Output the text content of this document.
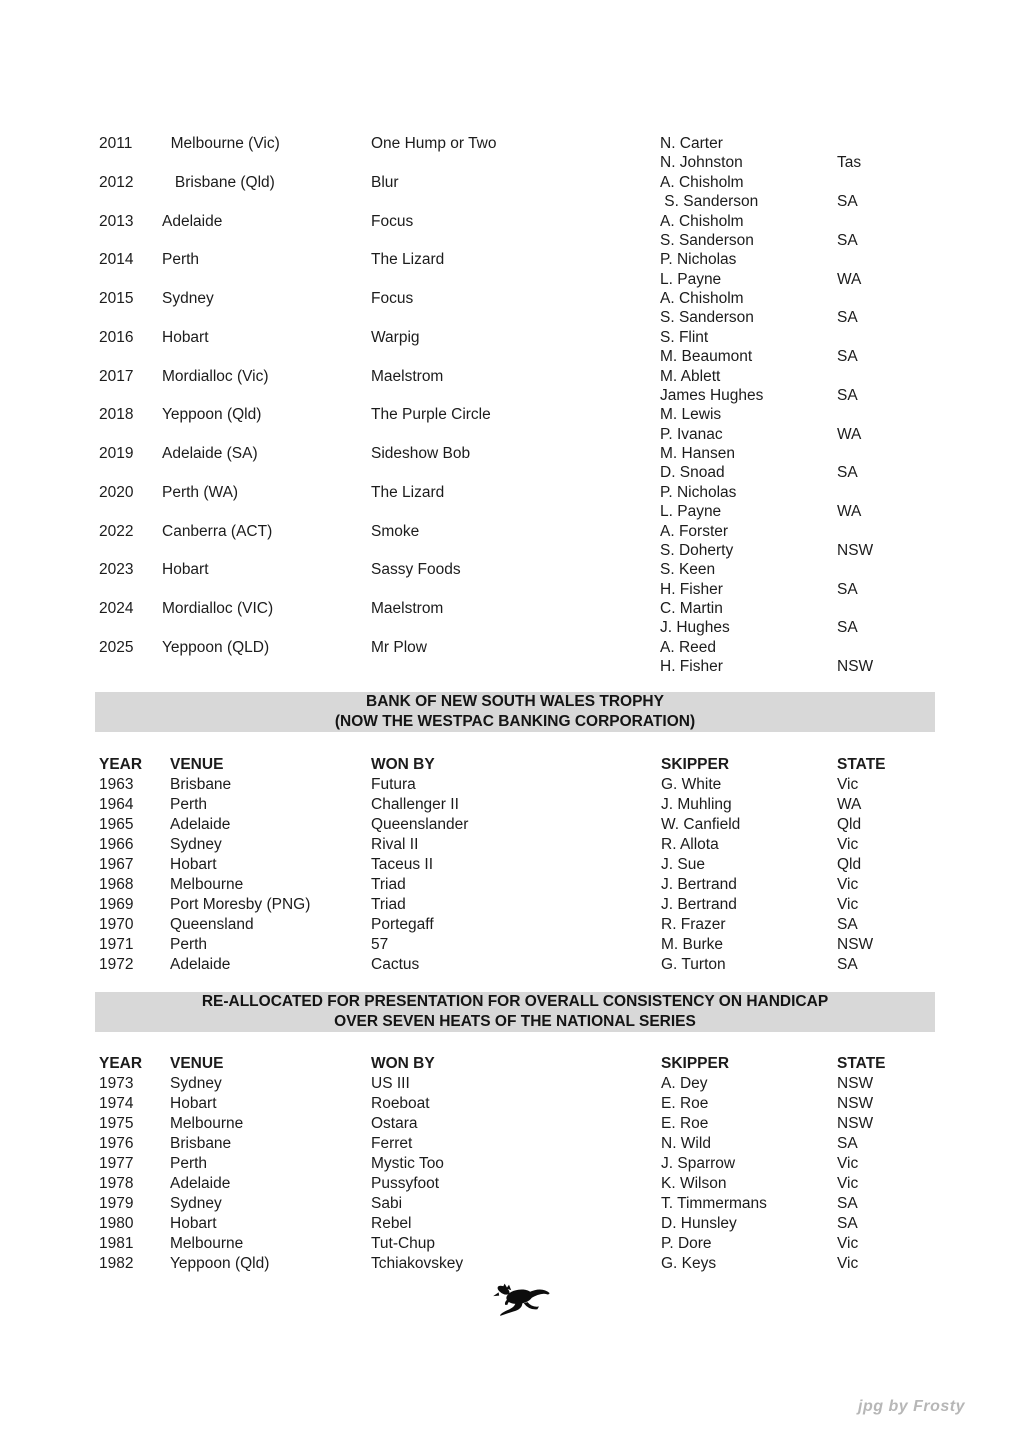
2011 Melbourne (Vic)	One Hump or Two	N. Carter
N. Johnston	Tas
2012 Brisbane (Qld)	Blur	A. Chisholm
S. Sanderson	SA
2013 Adelaide	Focus	A. Chisholm
S. Sanderson	SA
2014 Perth	The Lizard	P. Nicholas
L. Payne	WA
2015 Sydney	Focus	A. Chisholm
S. Sanderson	SA
2016 Hobart	Warpig	S. Flint
M. Beaumont	SA
2017 Mordialloc (Vic)	Maelstrom	M. Ablett
James Hughes	SA
2018 Yeppoon (Qld)	The Purple Circle	M. Lewis
P. Ivanac	WA
2019 Adelaide (SA)	Sideshow Bob	M. Hansen
D. Snoad	SA
2020 Perth (WA)	The Lizard	P. Nicholas
L. Payne	WA
2022 Canberra (ACT)	Smoke	A. Forster
S. Doherty	NSW
2023 Hobart	Sassy Foods	S. Keen
H. Fisher	SA
2024 Mordialloc (VIC)	Maelstrom	C. Martin
J. Hughes	SA
2025 Yeppoon (QLD)	Mr Plow	A. Reed
H. Fisher	NSW
BANK OF NEW SOUTH WALES TROPHY
(NOW THE WESTPAC BANKING CORPORATION)
YEAR VENUE	WON BY	SKIPPER	STATE
1963 Brisbane	Futura	G. White	Vic
1964 Perth	Challenger II	J. Muhling	WA
1965 Adelaide	Queenslander	W. Canfield	Qld
1966 Sydney	Rival II	R. Allota	Vic
1967 Hobart	Taceus II	J. Sue	Qld
1968 Melbourne	Triad	J. Bertrand	Vic
1969 Port Moresby (PNG)	Triad	J. Bertrand	Vic
1970 Queensland	Portegaff	R. Frazer	SA
1971 Perth	57	M. Burke	NSW
1972 Adelaide	Cactus	G. Turton	SA
RE-ALLOCATED FOR PRESENTATION FOR OVERALL CONSISTENCY ON HANDICAP
OVER SEVEN HEATS OF THE NATIONAL SERIES
YEAR VENUE	WON BY	SKIPPER	STATE
1973 Sydney	US III	A. Dey	NSW
1974 Hobart	Roeboat	E. Roe	NSW
1975 Melbourne	Ostara	E. Roe	NSW
1976 Brisbane	Ferret	N. Wild	SA
1977 Perth	Mystic Too	J. Sparrow	Vic
1978 Adelaide	Pussyfoot	K. Wilson	Vic
1979 Sydney	Sabi	T. Timmermans	SA
1980 Hobart	Rebel	D. Hunsley	SA
1981 Melbourne	Tut-Chup	P. Dore	Vic
1982 Yeppoon (Qld)	Tchiakovskey	G. Keys	Vic
jpg by Frosty
